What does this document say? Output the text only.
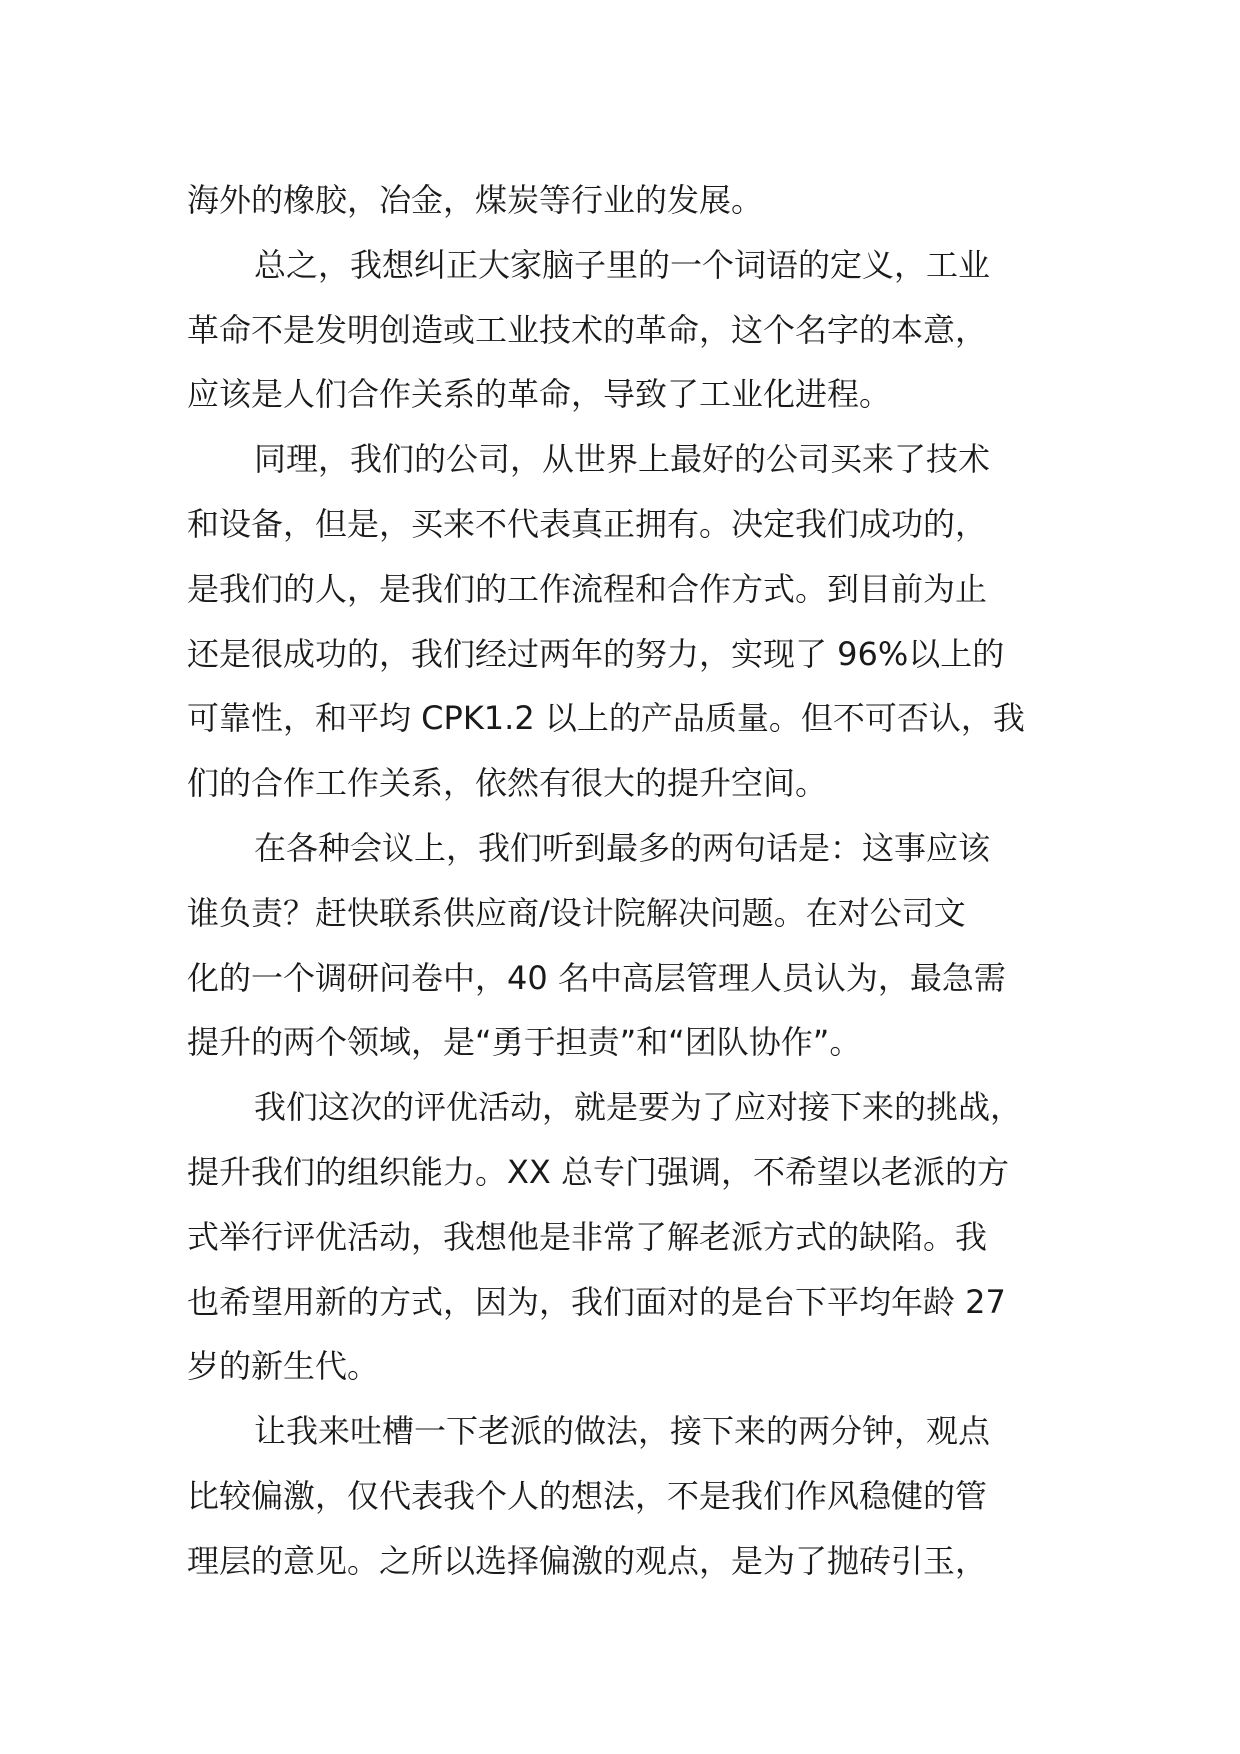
海外的橡胶，冶金，煤炭等行业的发展。
总之，我想纠正大家脑子里的一个词语的定义，工业
革命不是发明创造或工业技术的革命，这个名字的本意，
应该是人们合作关系的革命，导致了工业化进程。
同理，我们的公司，从世界上最好的公司买来了技术
和设备，但是，买来不代表真正拥有。决定我们成功的，
是我们的人，是我们的工作流程和合作方式。到目前为止
还是很成功的，我们经过两年的努力，实现了 96%以上的
可靠性，和平均 CPK1.2 以上的产品质量。但不可否认，我
们的合作工作关系，依然有很大的提升空间。
在各种会议上，我们听到最多的两句话是：这事应该
谁负责？赶快联系供应商/设计院解决问题。在对公司文
化的一个调研问卷中，40 名中高层管理人员认为，最急需
提升的两个领域，是“勇于担责”和“团队协作”。
我们这次的评优活动，就是要为了应对接下来的挑战，
提升我们的组织能力。XX 总专门强调，不希望以老派的方
式举行评优活动，我想他是非常了解老派方式的缺陷。我
也希望用新的方式，因为，我们面对的是台下平均年龄 27
岁的新生代。
让我来吐槽一下老派的做法，接下来的两分钟，观点
比较偏激，仅代表我个人的想法，不是我们作风稳健的管
理层的意见。之所以选择偏激的观点，是为了抛砖引玉，
